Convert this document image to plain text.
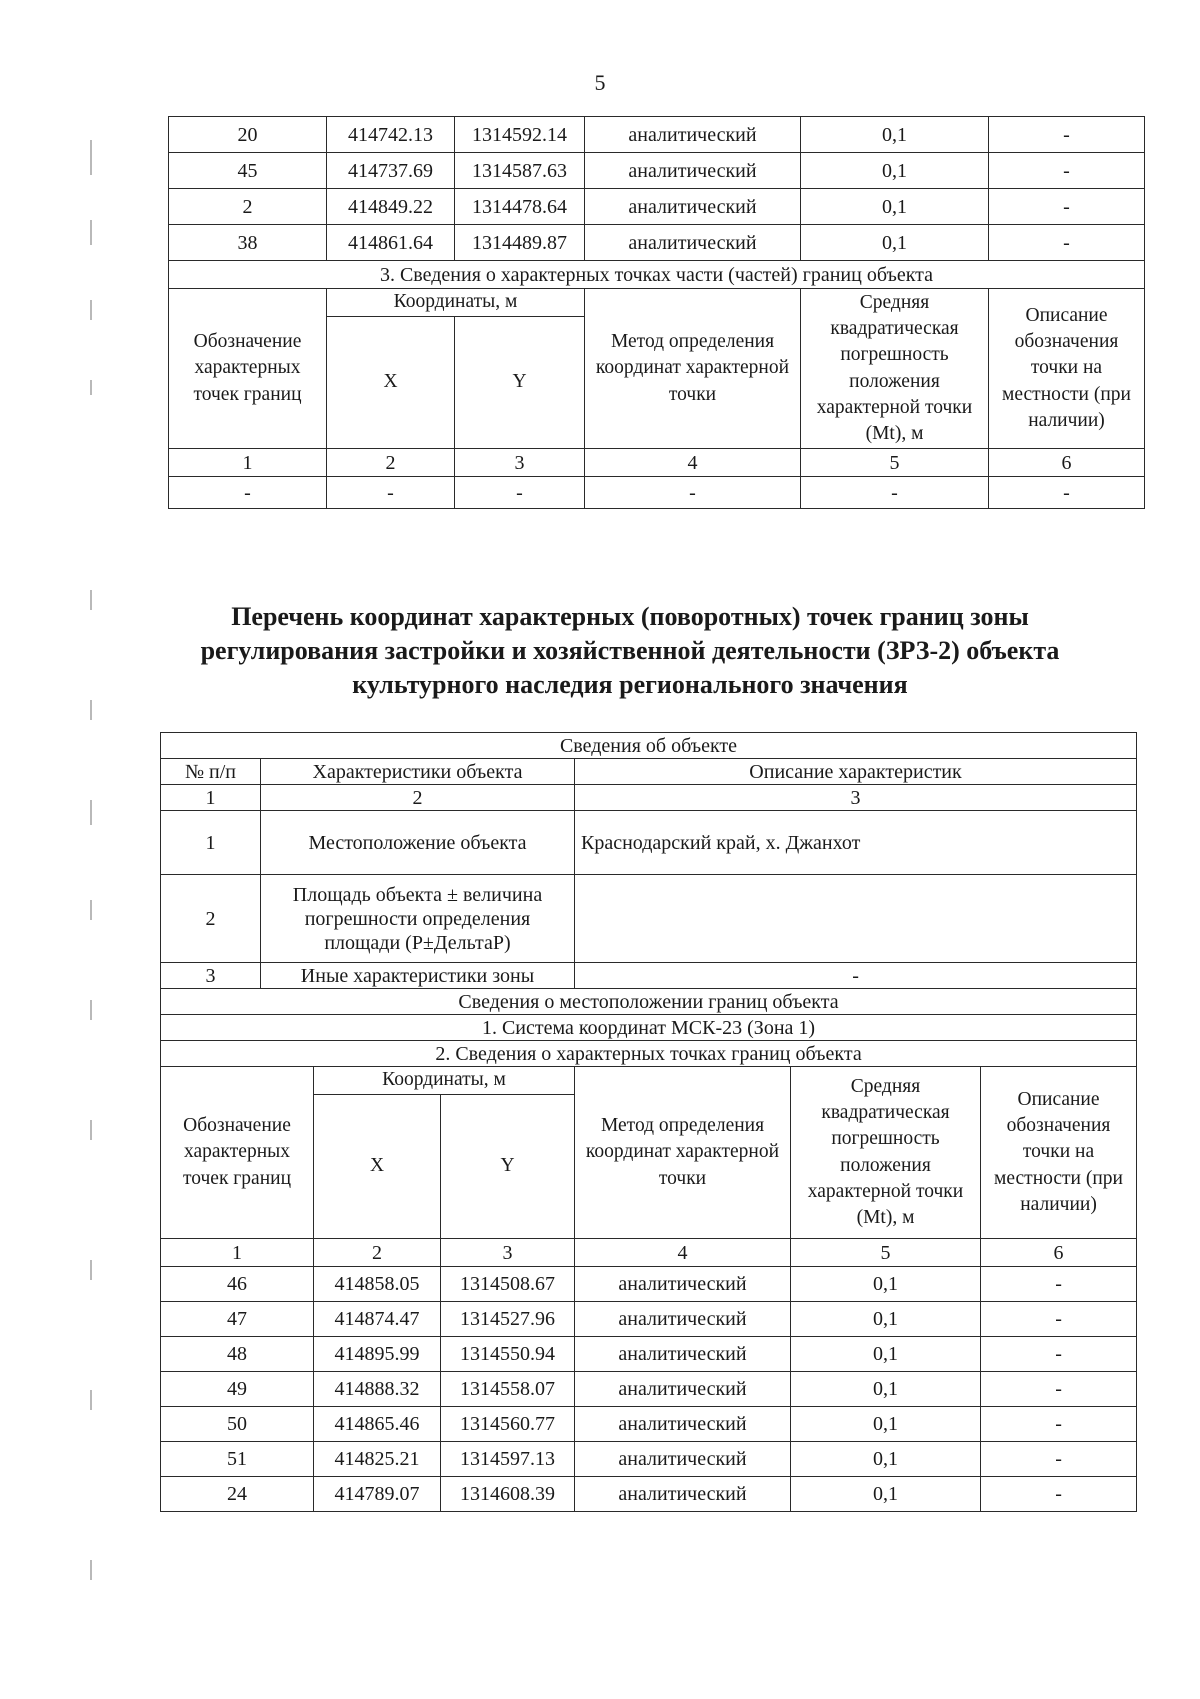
5
20	414742.13	1314592.14	аналитический	0,1	-
45	414737.69	1314587.63	аналитический	0,1	-
2	414849.22	1314478.64	аналитический	0,1	-
38	414861.64	1314489.87	аналитический	0,1	-
3. Сведения о характерных точках части (частей) границ объекта					
Обозначение характерных точек границ	Координаты, м		Метод определения координат характерной точки	Средняя квадратическая погрешность положения характерной точки (Mt), м	Описание обозначения точки на местности (при наличии)
	X	Y			
1	2	3	4	5	6
-	-	-	-	-	-
Перечень координат характерных (поворотных) точек границ зоны регулирования застройки и хозяйственной деятельности (ЗРЗ-2) объекта культурного наследия регионального значения
Сведения об объекте						
№ п/п	Характеристики объекта			Описание характеристик		
1	2			3		
1	Местоположение объекта			Краснодарский край, х. Джанхот		
2	Площадь объекта ± величина погрешности определения площади (P±ДельтаP)					
3	Иные характеристики зоны			-		
Сведения о местоположении границ объекта						
1. Система координат МСК-23 (Зона 1)						
2. Сведения о характерных точках границ объекта						
Обозначение характерных точек границ		Координаты, м		Метод определения координат характерной точки	Средняя квадратическая погрешность положения характерной точки (Mt), м	Описание обозначения точки на местности (при наличии)
		X	Y			
1		2	3	4	5	6
46		414858.05	1314508.67	аналитический	0,1	-
47		414874.47	1314527.96	аналитический	0,1	-
48		414895.99	1314550.94	аналитический	0,1	-
49		414888.32	1314558.07	аналитический	0,1	-
50		414865.46	1314560.77	аналитический	0,1	-
51		414825.21	1314597.13	аналитический	0,1	-
24		414789.07	1314608.39	аналитический	0,1	-
